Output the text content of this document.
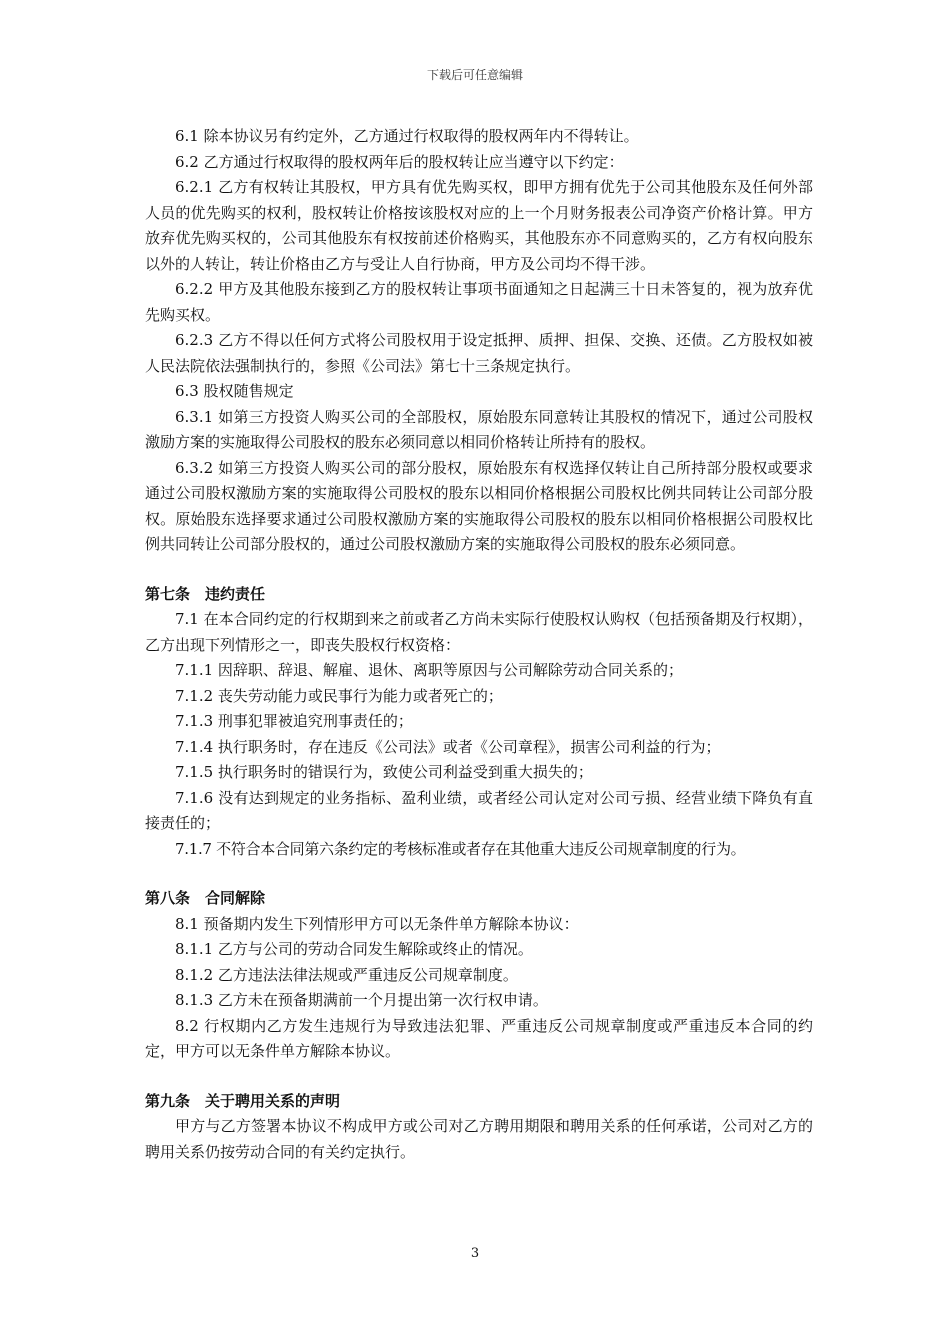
下载后可任意编辑

6.1 除本协议另有约定外，乙方通过行权取得的股权两年内不得转让。

6.2 乙方通过行权取得的股权两年后的股权转让应当遵守以下约定：

6.2.1 乙方有权转让其股权，甲方具有优先购买权，即甲方拥有优先于公司其他股东及任何外部人员的优先购买的权利，股权转让价格按该股权对应的上一个月财务报表公司净资产价格计算。甲方放弃优先购买权的，公司其他股东有权按前述价格购买，其他股东亦不同意购买的，乙方有权向股东以外的人转让，转让价格由乙方与受让人自行协商，甲方及公司均不得干涉。

6.2.2 甲方及其他股东接到乙方的股权转让事项书面通知之日起满三十日未答复的，视为放弃优先购买权。

6.2.3 乙方不得以任何方式将公司股权用于设定抵押、质押、担保、交换、还债。乙方股权如被人民法院依法强制执行的，参照《公司法》第七十三条规定执行。

6.3 股权随售规定

6.3.1 如第三方投资人购买公司的全部股权，原始股东同意转让其股权的情况下，通过公司股权激励方案的实施取得公司股权的股东必须同意以相同价格转让所持有的股权。

6.3.2 如第三方投资人购买公司的部分股权，原始股东有权选择仅转让自己所持部分股权或要求通过公司股权激励方案的实施取得公司股权的股东以相同价格根据公司股权比例共同转让公司部分股权。原始股东选择要求通过公司股权激励方案的实施取得公司股权的股东以相同价格根据公司股权比例共同转让公司部分股权的，通过公司股权激励方案的实施取得公司股权的股东必须同意。

第七条　违约责任

7.1 在本合同约定的行权期到来之前或者乙方尚未实际行使股权认购权（包括预备期及行权期），乙方出现下列情形之一，即丧失股权行权资格：

7.1.1 因辞职、辞退、解雇、退休、离职等原因与公司解除劳动合同关系的；

7.1.2 丧失劳动能力或民事行为能力或者死亡的；

7.1.3 刑事犯罪被追究刑事责任的；

7.1.4 执行职务时，存在违反《公司法》或者《公司章程》，损害公司利益的行为；

7.1.5 执行职务时的错误行为，致使公司利益受到重大损失的；

7.1.6 没有达到规定的业务指标、盈利业绩，或者经公司认定对公司亏损、经营业绩下降负有直接责任的；

7.1.7 不符合本合同第六条约定的考核标准或者存在其他重大违反公司规章制度的行为。

第八条　合同解除

8.1 预备期内发生下列情形甲方可以无条件单方解除本协议：

8.1.1 乙方与公司的劳动合同发生解除或终止的情况。

8.1.2 乙方违法法律法规或严重违反公司规章制度。

8.1.3 乙方未在预备期满前一个月提出第一次行权申请。

8.2 行权期内乙方发生违规行为导致违法犯罪、严重违反公司规章制度或严重违反本合同的约定，甲方可以无条件单方解除本协议。

第九条　关于聘用关系的声明

甲方与乙方签署本协议不构成甲方或公司对乙方聘用期限和聘用关系的任何承诺，公司对乙方的聘用关系仍按劳动合同的有关约定执行。

3
